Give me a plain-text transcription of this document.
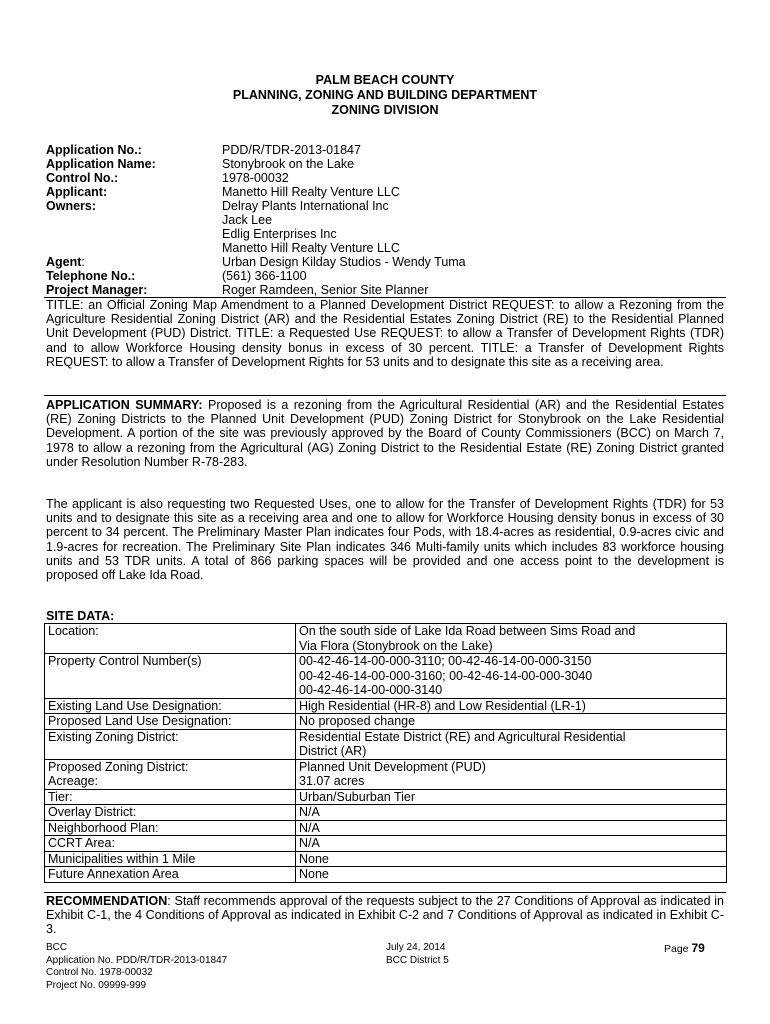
PALM BEACH COUNTY
PLANNING, ZONING AND BUILDING DEPARTMENT
ZONING DIVISION
Application No.:	PDD/R/TDR-2013-01847
Application Name:	Stonybrook on the Lake
Control No.:	1978-00032
Applicant:	Manetto Hill Realty Venture LLC
Owners:	Delray Plants International Inc
Jack Lee
Edlig Enterprises Inc
Manetto Hill Realty Venture LLC
Agent:	Urban Design Kilday Studios - Wendy Tuma
Telephone No.:	(561) 366-1100
Project Manager:	Roger Ramdeen, Senior Site Planner
TITLE: an Official Zoning Map Amendment to a Planned Development District REQUEST: to allow a Rezoning from the Agriculture Residential Zoning District (AR) and the Residential Estates Zoning District (RE) to the Residential Planned Unit Development (PUD) District. TITLE: a Requested Use REQUEST: to allow a Transfer of Development Rights (TDR) and to allow Workforce Housing density bonus in excess of 30 percent. TITLE: a Transfer of Development Rights REQUEST: to allow a Transfer of Development Rights for 53 units and to designate this site as a receiving area.
APPLICATION SUMMARY: Proposed is a rezoning from the Agricultural Residential (AR) and the Residential Estates (RE) Zoning Districts to the Planned Unit Development (PUD) Zoning District for Stonybrook on the Lake Residential Development. A portion of the site was previously approved by the Board of County Commissioners (BCC) on March 7, 1978 to allow a rezoning from the Agricultural (AG) Zoning District to the Residential Estate (RE) Zoning District granted under Resolution Number R-78-283.
The applicant is also requesting two Requested Uses, one to allow for the Transfer of Development Rights (TDR) for 53 units and to designate this site as a receiving area and one to allow for Workforce Housing density bonus in excess of 30 percent to 34 percent. The Preliminary Master Plan indicates four Pods, with 18.4-acres as residential, 0.9-acres civic and 1.9-acres for recreation. The Preliminary Site Plan indicates 346 Multi-family units which includes 83 workforce housing units and 53 TDR units. A total of 866 parking spaces will be provided and one access point to the development is proposed off Lake Ida Road.
SITE DATA:
Location:	On the south side of Lake Ida Road between Sims Road and
Via Flora (Stonybrook on the Lake)

Property Control Number(s)	00-42-46-14-00-000-3110; 00-42-46-14-00-000-3150
00-42-46-14-00-000-3160; 00-42-46-14-00-000-3040
00-42-46-14-00-000-3140

Existing Land Use Designation:	High Residential (HR-8) and Low Residential (LR-1)
Proposed Land Use Designation:	No proposed change
Existing Zoning District:	Residential Estate District (RE) and Agricultural Residential
District (AR)

Proposed Zoning District:	Planned Unit Development (PUD)
Acreage:	31.07 acres
Tier:	Urban/Suburban Tier
Overlay District:	N/A
Neighborhood Plan:	N/A
CCRT Area:	N/A
Municipalities within 1 Mile	None
Future Annexation Area	None
RECOMMENDATION: Staff recommends approval of the requests subject to the 27 Conditions of Approval as indicated in Exhibit C-1, the 4 Conditions of Approval as indicated in Exhibit C-2 and 7 Conditions of Approval as indicated in Exhibit C-3.
BCC
Application No. PDD/R/TDR-2013-01847
Control No. 1978-00032
Project No. 09999-999
July 24, 2014
BCC District 5
Page 79
